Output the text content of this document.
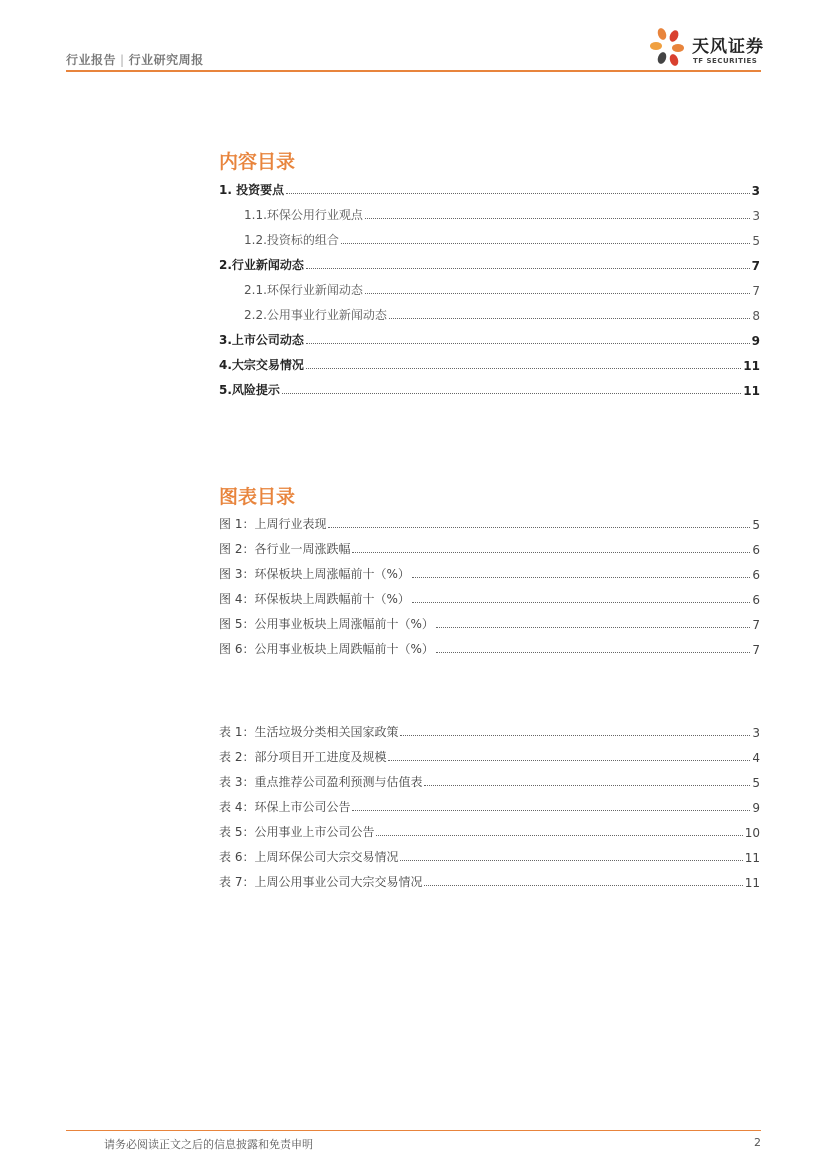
行业报告 | 行业研究周报
天风证券
TF SECURITIES
内容目录
1. 投资要点	3
1.1.环保公用行业观点	3
1.2.投资标的组合	5
2.行业新闻动态	7
2.1.环保行业新闻动态	7
2.2.公用事业行业新闻动态	8
3.上市公司动态	9
4.大宗交易情况	11
5.风险提示	11
图表目录
图 1：上周行业表现	5
图 2：各行业一周涨跌幅	6
图 3：环保板块上周涨幅前十（%）	6
图 4：环保板块上周跌幅前十（%）	6
图 5：公用事业板块上周涨幅前十（%）	7
图 6：公用事业板块上周跌幅前十（%）	7
表 1：生活垃圾分类相关国家政策	3
表 2：部分项目开工进度及规模	4
表 3：重点推荐公司盈利预测与估值表	5
表 4：环保上市公司公告	9
表 5：公用事业上市公司公告	10
表 6：上周环保公司大宗交易情况	11
表 7：上周公用事业公司大宗交易情况	11
请务必阅读正文之后的信息披露和免责申明	2
